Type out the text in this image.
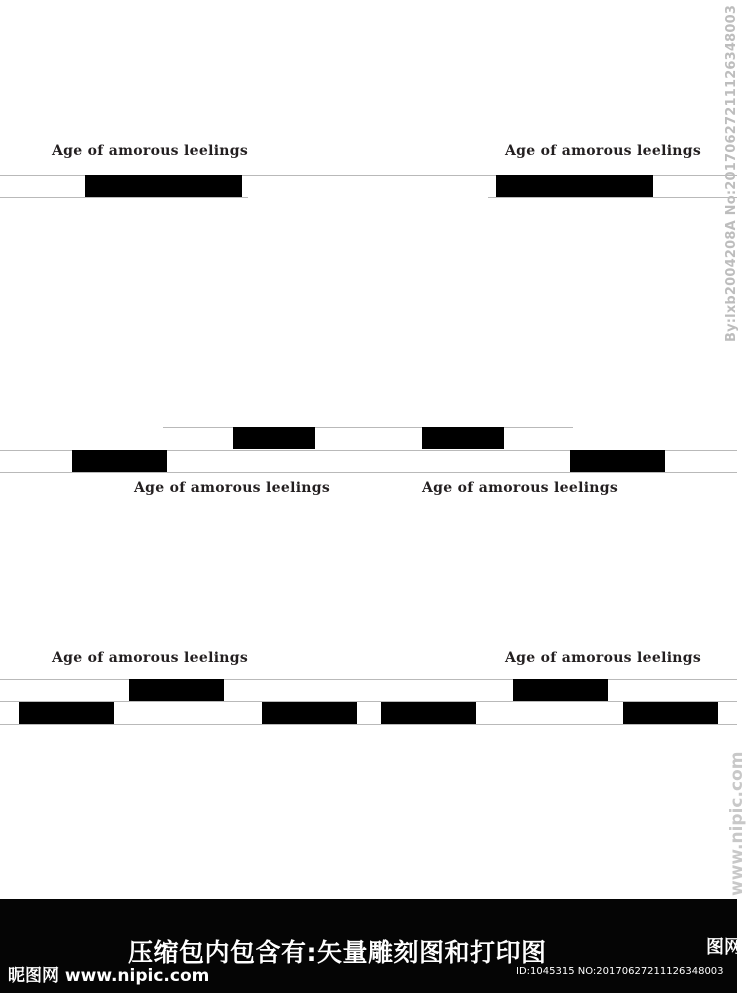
Age of amorous leelings	Age of amorous leelings
Age of amorous leelings	Age of amorous leelings
Age of amorous leelings	Age of amorous leelings
By:lxb2004208A No:20170627211126348003
www.nipic.com
压缩包内包含有:矢量雕刻图和打印图
昵图网 www.nipic.com	ID:1045315 NO:20170627211126348003
图网
